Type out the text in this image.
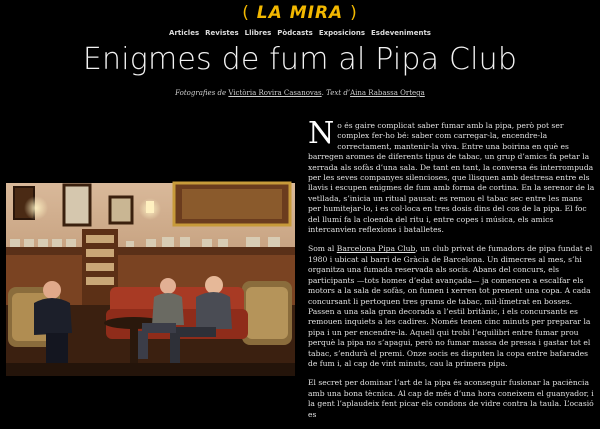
( LA MIRA )
Articles Revistes Llibres Pòdcasts Exposicions Esdeveniments
Enigmes de fum al Pipa Club
Fotografies de Victòria Rovira Casanovas. Text d’Aina Rabassa Ortega

No és gaire complicat saber fumar amb la pipa, però pot ser complex fer-ho bé: saber com carregar-la, encendre-la correctament, mantenir-la viva. Entre una boirina en què es barregen aromes de diferents tipus de tabac, un grup d’amics fa petar la xerrada als sofàs d’una sala. De tant en tant, la conversa és interrompuda per les seves companyes silencioses, que llisquen amb destresa entre els llavis i escupen enigmes de fum amb forma de cortina. En la serenor de la vetllada, s’inicia un ritual pausat: es remou el tabac sec entre les mans per humitejar-lo, i es col·loca en tres dosis dins del cos de la pipa. El foc del llumí fa la cloenda del ritu i, entre copes i música, els amics intercanvien reflexions i batalletes.

Som al Barcelona Pipa Club, un club privat de fumadors de pipa fundat el 1980 i ubicat al barri de Gràcia de Barcelona. Un dimecres al mes, s’hi organitza una fumada reservada als socis. Abans del concurs, els participants —tots homes d’edat avançada— ja comencen a escalfar els motors a la sala de sofàs, on fumen i xerren tot prenent una copa. A cada concursant li pertoquen tres grams de tabac, mil·límetrat en bosses. Passen a una sala gran decorada a l’estil britànic, i els concursants es remouen inquiets a les cadires. Només tenen cinc minuts per preparar la pipa i un per encendre-la. Aquell qui trobi l’equilibri entre fumar prou perquè la pipa no s’apagui, però no fumar massa de pressa i gastar tot el tabac, s’endurà el premi. Onze socis es disputen la copa entre bafarades de fum i, al cap de vint minuts, cau la primera pipa.

El secret per dominar l’art de la pipa és aconseguir fusionar la paciència amb una bona tècnica. Al cap de més d’una hora coneixem el guanyador, i la gent l’aplaudeix fent picar els condons de vidre contra la taula. L’ocasió es
